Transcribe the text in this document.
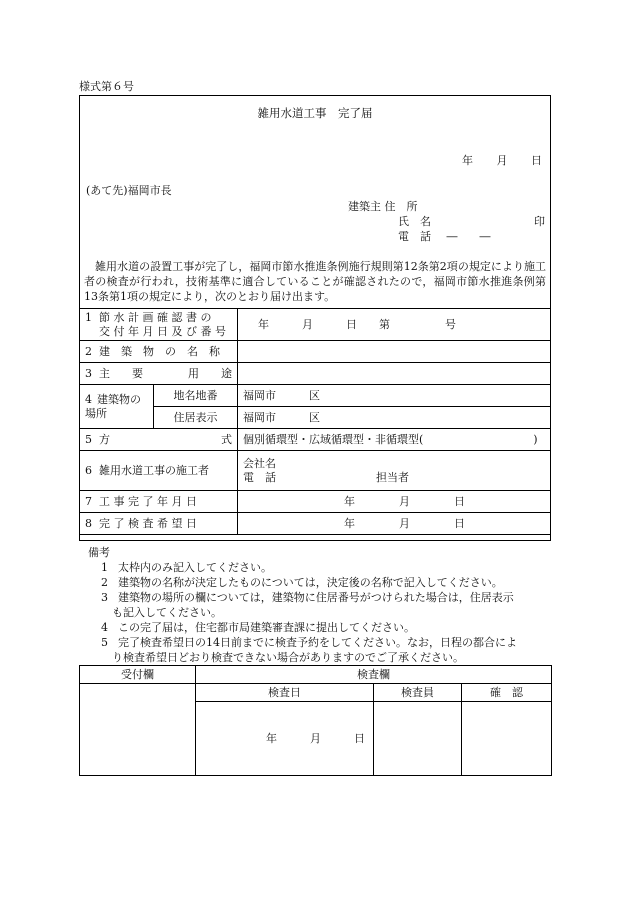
様式第６号
雑用水道工事　完了届
年 月 日
(あて先)福岡市長
建築主 住　所
氏　名	印
電　話 ―　　―
雑用水道の設置工事が完了し，福岡市節水推進条例施行規則第12条第2項の規定により施工者の検査が行われ，技術基準に適合していることが確認されたので，福岡市節水推進条例第13条第1項の規定により，次のとおり届け出ます。
1 節 水 計 画 確 認 書 の
交 付 年 月 日 及 び 番 号		年　　　月　　　日　　第　　　　　号
2 建　築　物　の　名　称		

3 主　　要 用　　途		

4 建築物の場所	地名地番	福岡市　　　区
	住居表示	福岡市　　　区

5 方 式		個別循環型・広域循環型・非循環型(　　　　　　　　　　)
6 雑用水道工事の施工者		会社名
電　話 担当者

7 工 事 完 了 年 月 日		年　　　　月　　　　日
8 完 了 検 査 希 望 日		年　　　　月　　　　日
備考
1 太枠内のみ記入してください。
2 建築物の名称が決定したものについては，決定後の名称で記入してください。
3 建築物の場所の欄については，建築物に住居番号がつけられた場合は，住居表示
も記入してください。
4 この完了届は，住宅都市局建築審査課に提出してください。
5 完了検査希望日の14日前までに検査予約をしてください。なお，日程の都合によ
り検査希望日どおり検査できない場合がありますのでご了承ください。
受付欄	検査欄		
	検査日	検査員	確　認
	年　　　月　　　日		
